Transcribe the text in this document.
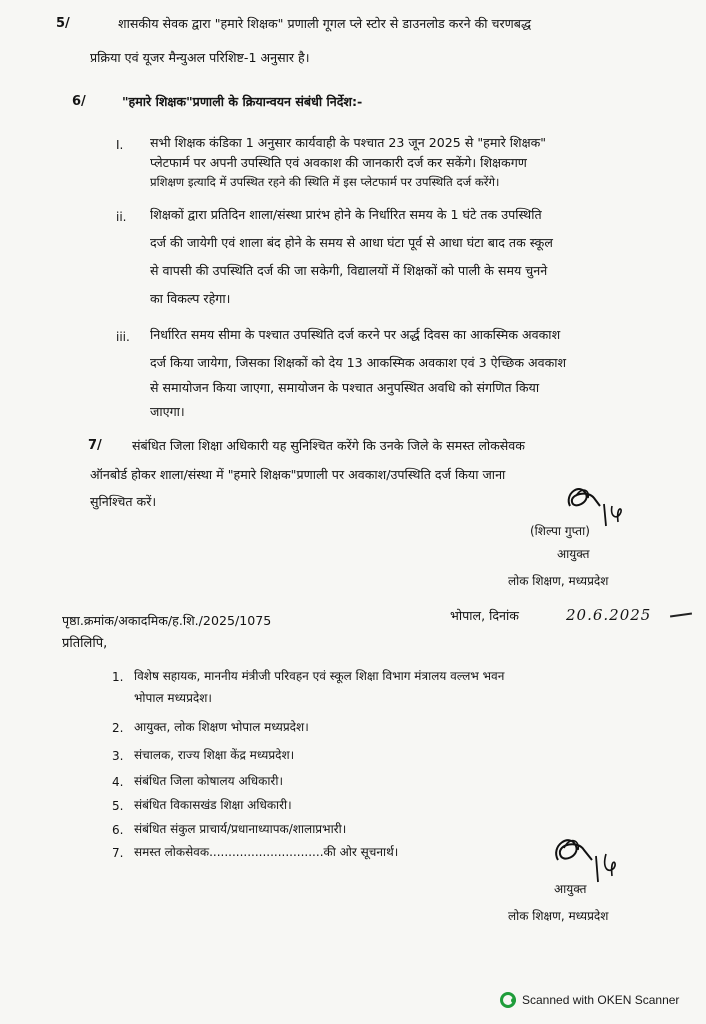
5/	शासकीय सेवक द्वारा "हमारे शिक्षक" प्रणाली गूगल प्ले स्टोर से डाउनलोड करने की चरणबद्ध
प्रक्रिया एवं यूजर मैन्युअल परिशिष्ट-1 अनुसार है।
6/	"हमारे शिक्षक"प्रणाली के क्रियान्वयन संबंधी निर्देश:-
I. सभी शिक्षक कंडिका 1 अनुसार कार्यवाही के पश्चात 23 जून 2025 से "हमारे शिक्षक"
प्लेटफार्म पर अपनी उपस्थिति एवं अवकाश की जानकारी दर्ज कर सकेंगे। शिक्षकगण
प्रशिक्षण इत्यादि में उपस्थित रहने की स्थिति में इस प्लेटफार्म पर उपस्थिति दर्ज करेंगे।
ii. शिक्षकों द्वारा प्रतिदिन शाला/संस्था प्रारंभ होने के निर्धारित समय के 1 घंटे तक उपस्थिति
दर्ज की जायेगी एवं शाला बंद होने के समय से आधा घंटा पूर्व से आधा घंटा बाद तक स्कूल
से वापसी की उपस्थिति दर्ज की जा सकेगी, विद्यालयों में शिक्षकों को पाली के समय चुनने
का विकल्प रहेगा।
iii. निर्धारित समय सीमा के पश्चात उपस्थिति दर्ज करने पर अर्द्ध दिवस का आकस्मिक अवकाश
दर्ज किया जायेगा, जिसका शिक्षकों को देय 13 आकस्मिक अवकाश एवं 3 ऐच्छिक अवकाश
से समायोजन किया जाएगा, समायोजन के पश्चात अनुपस्थित अवधि को संगणित किया
जाएगा।
7/ संबंधित जिला शिक्षा अधिकारी यह सुनिश्चित करेंगे कि उनके जिले के समस्त लोकसेवक
ऑनबोर्ड होकर शाला/संस्था में "हमारे शिक्षक"प्रणाली पर अवकाश/उपस्थिति दर्ज किया जाना
सुनिश्चित करें।
(शिल्पा गुप्ता)
आयुक्त
लोक शिक्षण, मध्यप्रदेश
पृष्ठा.क्रमांक/अकादमिक/ह.शि./2025/1075	भोपाल, दिनांक	20.6.2025
प्रतिलिपि,
1. विशेष सहायक, माननीय मंत्रीजी परिवहन एवं स्कूल शिक्षा विभाग मंत्रालय वल्लभ भवन
भोपाल मध्यप्रदेश।
2. आयुक्त, लोक शिक्षण भोपाल मध्यप्रदेश।
3. संचालक, राज्य शिक्षा केंद्र मध्यप्रदेश।
4. संबंधित जिला कोषालय अधिकारी।
5. संबंधित विकासखंड शिक्षा अधिकारी।
6. संबंधित संकुल प्राचार्य/प्रधानाध्यापक/शालाप्रभारी।
7. समस्त लोकसेवक..............................की ओर सूचनार्थ।
आयुक्त
लोक शिक्षण, मध्यप्रदेश
Scanned with OKEN Scanner
